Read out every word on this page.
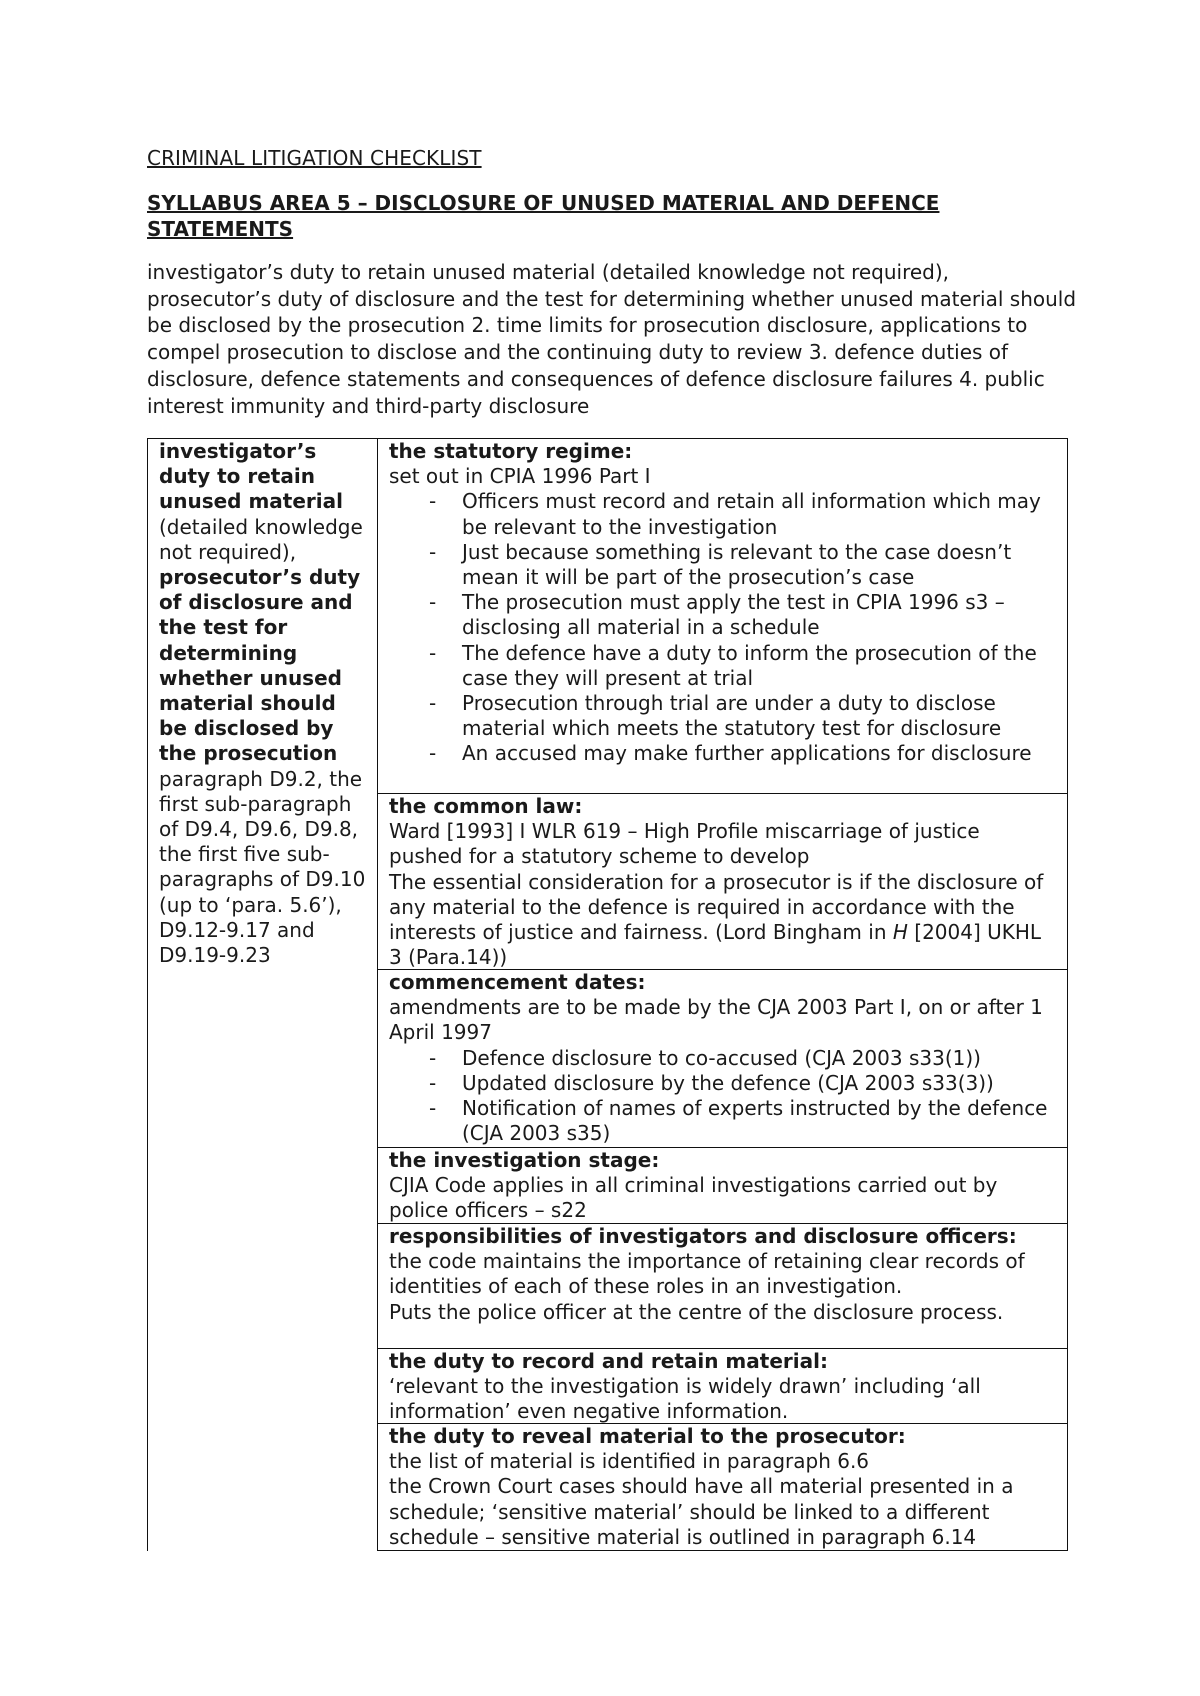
CRIMINAL LITIGATION CHECKLIST
SYLLABUS AREA 5 – DISCLOSURE OF UNUSED MATERIAL AND DEFENCE STATEMENTS
investigator’s duty to retain unused material (detailed knowledge not required), prosecutor’s duty of disclosure and the test for determining whether unused material should be disclosed by the prosecution 2. time limits for prosecution disclosure, applications to compel prosecution to disclose and the continuing duty to review 3. defence duties of disclosure, defence statements and consequences of defence disclosure failures 4. public interest immunity and third-party disclosure
investigator’s duty to retain unused material (detailed knowledge not required), prosecutor’s duty of disclosure and the test for determining whether unused material should be disclosed by the prosecution paragraph D9.2, the first sub-paragraph of D9.4, D9.6, D9.8, the first five sub-paragraphs of D9.10 (up to ‘para. 5.6’), D9.12-9.17 and D9.19-9.23
the statutory regime:
set out in CPIA 1996 Part I
- Officers must record and retain all information which may be relevant to the investigation
- Just because something is relevant to the case doesn’t mean it will be part of the prosecution’s case
- The prosecution must apply the test in CPIA 1996 s3 – disclosing all material in a schedule
- The defence have a duty to inform the prosecution of the case they will present at trial
- Prosecution through trial are under a duty to disclose material which meets the statutory test for disclosure
- An accused may make further applications for disclosure
the common law:
Ward [1993] I WLR 619 – High Profile miscarriage of justice pushed for a statutory scheme to develop
The essential consideration for a prosecutor is if the disclosure of any material to the defence is required in accordance with the interests of justice and fairness. (Lord Bingham in H [2004] UKHL 3 (Para.14))
commencement dates:
amendments are to be made by the CJA 2003 Part I, on or after 1 April 1997
- Defence disclosure to co-accused (CJA 2003 s33(1))
- Updated disclosure by the defence (CJA 2003 s33(3))
- Notification of names of experts instructed by the defence (CJA 2003 s35)
the investigation stage:
CJIA Code applies in all criminal investigations carried out by police officers – s22
responsibilities of investigators and disclosure officers:
the code maintains the importance of retaining clear records of identities of each of these roles in an investigation.
Puts the police officer at the centre of the disclosure process.
the duty to record and retain material:
‘relevant to the investigation is widely drawn’ including ‘all information’ even negative information.
the duty to reveal material to the prosecutor:
the list of material is identified in paragraph 6.6
the Crown Court cases should have all material presented in a schedule; ‘sensitive material’ should be linked to a different schedule – sensitive material is outlined in paragraph 6.14
